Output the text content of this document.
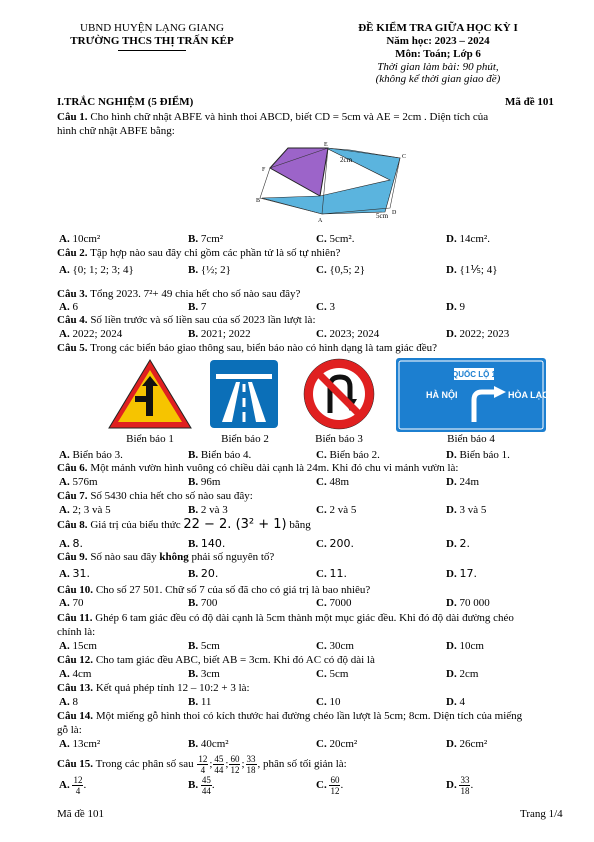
UBND HUYỆN LẠNG GIANG
TRƯỜNG THCS THỊ TRẤN KÉP
ĐỀ KIỂM TRA GIỮA HỌC KỲ I
Năm học: 2023 – 2024
Môn: Toán; Lớp 6
Thời gian làm bài: 90 phút,
(không kể thời gian giao đề)
I.TRẮC NGHIỆM (5 ĐIỂM)	Mã đề 101
Câu 1. Cho hình chữ nhật ABFE và hình thoi ABCD, biết CD = 5cm và AE = 2cm . Diện tích của
hình chữ nhật ABFE bằng:
2cm
5cm
F
B
A
E
C
D
A. 10cm²	B. 7cm²	C. 5cm².	D. 14cm².
A. {0; 1; 2; 3; 4}	B. {½; 2}	C. {0,5; 2}	D. {1⅕; 4}
A. 6	B. 7	C. 3	D. 9
A. 2022; 2024	B. 2021; 2022	C. 2023; 2024	D. 2022; 2023
A. Biển báo 3.	B. Biển báo 4.	C. Biển báo 2.	D. Biển báo 1.
A. 576m	B. 96m	C. 48m	D. 24m
A. 2; 3 và 5	B. 2 và 3	C. 2 và 5	D. 3 và 5
A. 8.	B. 140.	C. 200.	D. 2.
A. 31.	B. 20.	C. 11.	D. 17.
A. 70	B. 700	C. 7000	D. 70 000
A. 15cm	B. 5cm	C. 30cm	D. 10cm
A. 4cm	B. 3cm	C. 5cm	D. 2cm
A. 8	B. 11	C. 10	D. 4
A. 13cm²	B. 40cm²	C. 20cm²	D. 26cm²
A. $\frac{12}{4}$ .	B. $\frac{45}{44}$ .	C. $\frac{60}{12}$ .	D. $\frac{33}{18}$ .
Câu 2. Tập hợp nào sau đây chỉ gồm các phần tử là số tự nhiên?
Câu 3. Tổng 2023. 7²+ 49 chia hết cho số nào sau đây?
Câu 4. Số liền trước và số liền sau của số 2023 lần lượt là:
Câu 5. Trong các biển báo giao thông sau, biển báo nào có hình dạng là tam giác đều?
QUỐC LỘ 1
HÀ NỘI	HÒA LẠC
Biển báo 1	Biển báo 2	Biển báo 3	Biển báo 4
Câu 6. Một mảnh vườn hình vuông có chiều dài cạnh là 24m. Khi đó chu vi mảnh vườn là:
Câu 7. Số 5430 chia hết cho số nào sau đây:
Câu 8. Giá trị của biểu thức 22 − 2. (3² + 1) bằng
Câu 9. Số nào sau đây không phải số nguyên tố?
Câu 10. Cho số 27 501. Chữ số 7 của số đã cho có giá trị là bao nhiêu?
Câu 11. Ghép 6 tam giác đều có độ dài cạnh là 5cm thành một mục giác đều. Khi đó độ dài đường chéo
chính là:
Câu 12. Cho tam giác đều ABC, biết AB = 3cm. Khi đó AC có độ dài là
Câu 13. Kết quả phép tính 12 – 10:2 + 3 là:
Câu 14. Một miếng gỗ hình thoi có kích thước hai đường chéo lần lượt là 5cm; 8cm. Diện tích của miếng
gỗ là:
Câu 15. Trong các phân số sau $\frac{12}{4}$ ; $\frac{45}{44}$ ; $\frac{60}{12}$ ; $\frac{33}{18}$ , phân số tối giản là:
Mã đề 101	Trang 1/4
